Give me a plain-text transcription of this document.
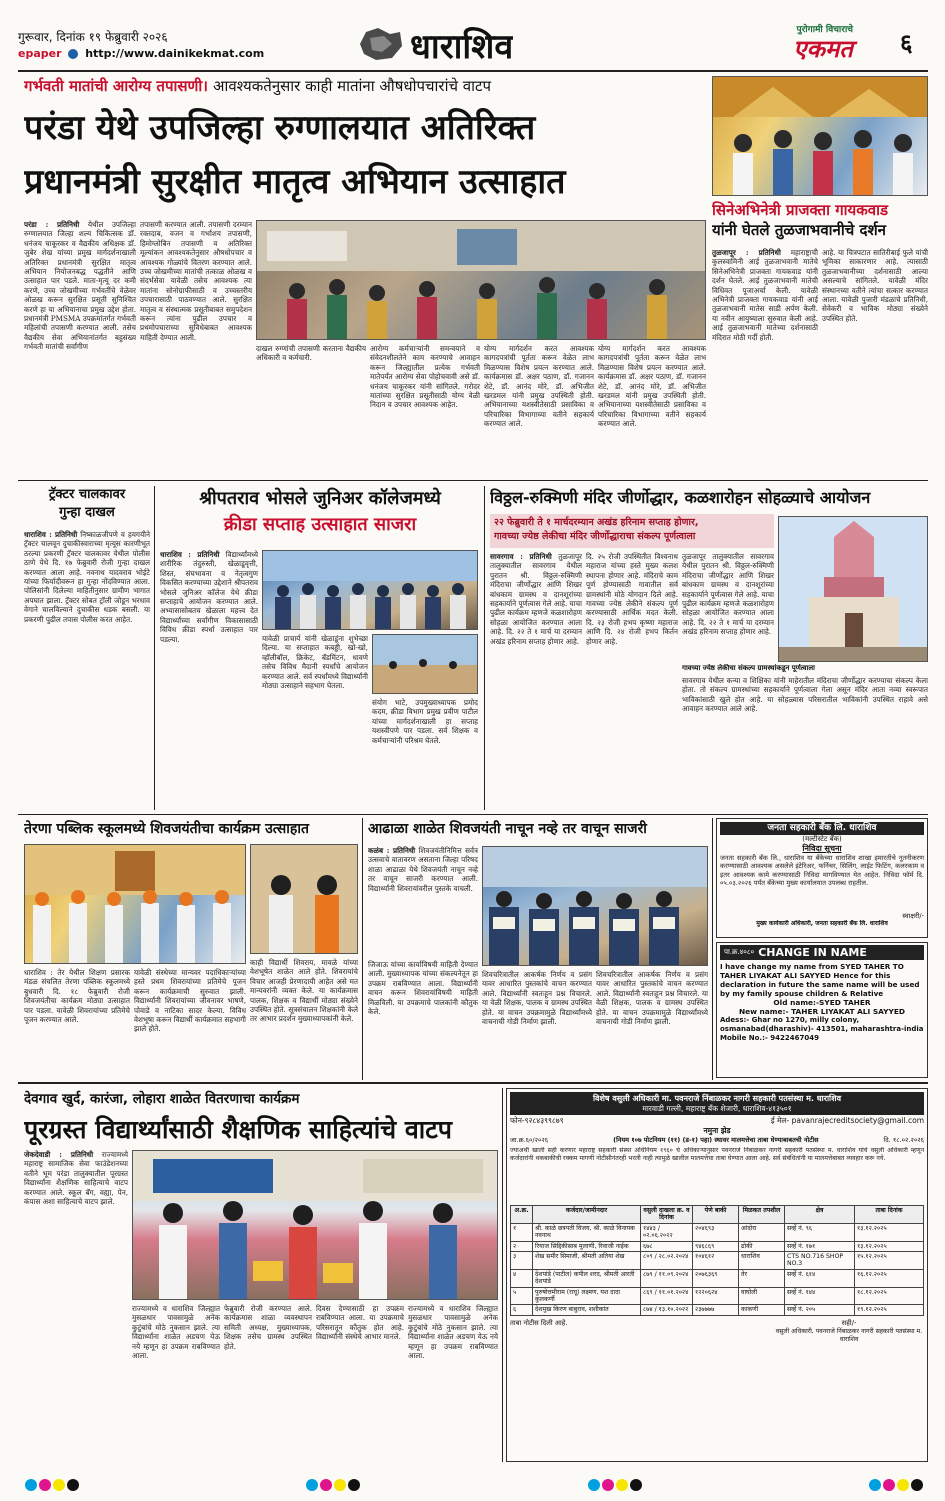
गुरूवार, दिनांक १९ फेब्रुवारी २०२६
epaper http://www.dainikekmat.com	धाराशिव	पुरोगामी विचाराचे
एकमत ६
गर्भवती मातांची आरोग्य तपासणी। आवश्यकतेनुसार काही मातांना औषधोपचारांचे वाटप
परंडा येथे उपजिल्हा रुग्णालयात अतिरिक्त
प्रधानमंत्री सुरक्षीत मातृत्व अभियान उत्साहात
परंडा : प्रतिनिधी येथील उपजिल्हा रुग्णालयात जिल्हा शल्य चिकित्सक डॉ. धनंजय चाकूरकर व वैद्यकीय अधिक्षक डॉ. जुबेर शेख यांच्या प्रमुख मार्गदर्शनाखाली अतिरिक्त प्रधानमंत्री सुरक्षित मातृत्व अभियान नियोजनबद्ध पद्धतीने आणि उत्साहात पार पडले. माता-मृत्यू दर कमी करणे, उच्च जोखमीच्या गर्भवतींचे वेळेवर ओळख करून सुरक्षित प्रसूती सुनिश्चित करणे हा या अभियानाचा प्रमुख उद्देश होता. प्रधानमंत्री PMSMA उपक्रमांतर्गत गर्भवती महिलांची तपासणी करण्यात आली. तसेच वैद्यकीय सेवा अभियानांतर्गत बहुसंख्य गर्भवती मातांची सर्वांगीण
तपासणी करण्यात आली. तपासणी दरम्यान रक्तदाब, वजन व गर्भाशय तपासणी, हिमोग्लोबिन तपासणी व अतिरिक्त मूल्यांकन आवश्यकतेनुसार औषधोपचार व आवश्यक गोळ्यांचे वितरण करण्यात आले. उच्च जोखमीच्या मातांची तत्काळ ओळख व संदर्भसेवा यावेळी तसेच आवश्यक त्या मातांना सोनोग्राफीसाठी व उच्चस्तरीय उपचारासाठी पाठवण्यात आले. सुरक्षित मातृत्व व संस्थात्मक प्रसूतीबाबत समुपदेशन करून त्यांना पुढील उपचार व प्रथमोपचाराच्या सुविधेबाबत आवश्यक माहिती देण्यात आली.
दाखल रुग्णांची तपासणी करताना वैद्यकीय अधिकारी व कर्मचारी.
आरोग्य कर्मचाऱ्यांनी समन्वयाने व संवेदनशीलतेने काम करण्याचे आवाहन करून जिल्ह्यातील प्रत्येक गर्भवती मातेपर्यंत आरोग्य सेवा पोहोचवावी असे डॉ. धनंजय चाकूरकर यांनी सांगितले. गरोदर मातांच्या सुरक्षित प्रसूतीसाठी योग्य वेळी निदान व उपचार आवश्यक आहेत.
योग्य मार्गदर्शन करत आवश्यक कागदपत्रांची पूर्तता करून वेळेत लाभ मिळण्यास विशेष प्रयत्न करण्यात आले. कार्यक्रमास डॉ. अक्षर पठाण, डॉ. गजानन शेटे, डॉ. आनंद मोरे, डॉ. अभिजीत खरडमल यांनी प्रमुख उपस्थिती होती. अभियानाच्या यशस्वीतेसाठी प्रसाविका व परिचारिका विभागाच्या वतीने सहकार्य करण्यात आले.
योग्य मार्गदर्शन करत आवश्यक कागदपत्रांची पूर्तता करून वेळेत लाभ मिळण्यास विशेष प्रयत्न करण्यात आले. कार्यक्रमास डॉ. अक्षर पठाण, डॉ. गजानन शेटे, डॉ. आनंद मोरे, डॉ. अभिजीत खरडमल यांनी प्रमुख उपस्थिती होती. अभियानाच्या यशस्वीतेसाठी प्रसाविका व परिचारिका विभागाच्या वतीने सहकार्य करण्यात आले.
सिनेअभिनेत्री प्राजक्ता गायकवाड
यांनी घेतले तुळजाभवानीचे दर्शन
तुळजापूर : प्रतिनिधी महाराष्ट्राची कुलस्वामिनी आई तुळजाभवानी मातेचे सिनेअभिनेत्री प्राजक्ता गायकवाड यांनी दर्शन घेतले. आई तुळजाभवानी मातेची विधिवत पूजाअर्चा केली. यावेळी अभिनेत्री प्राजक्ता गायकवाड यांनी आई तुळजाभवानी मातेस साडी अर्पण केली. या नवीन आयुष्याला सुरुवात केली आहे. आई तुळजाभवानी मातेच्या दर्शनासाठी मंदिरात मोठी गर्दी होती.
आहे. या चित्रपटात सातिरीबाई फुले यांची भूमिका साकारणार आहे. त्यासाठी तुळजाभवानीच्या दर्शनासाठी आल्या असल्याचे सांगितले. यावेळी मंदिर संस्थानच्या वतीने त्यांचा सत्कार करण्यात आला. यावेळी पुजारी मंडळाचे प्रतिनिधी, सेवेकरी व भाविक मोठ्या संख्येने उपस्थित होते.
ट्रॅक्टर चालकावर
गुन्हा दाखल
धाराशिव : प्रतिनिधी निष्काळजीपणे व हयगयीने ट्रॅक्टर चालवून दुचाकीस्वाराच्या मृत्यूस कारणीभूत ठरल्या प्रकरणी ट्रॅक्टर चालकावर येथील पोलीस ठाणे येथे दि. १७ फेब्रुवारी रोजी गुन्हा दाखल करण्यात आला आहे. नवनाथ यादवराव भोईटे यांच्या फिर्यादीवरून हा गुन्हा नोंदविण्यात आला. पोलिसांनी दिलेल्या माहितीनुसार ग्रामीण भागात अपघात झाला. ट्रॅक्टर सोबत ट्रॉली जोडून भरधाव वेगाने चालविल्याने दुचाकीस धडक बसली. या प्रकरणी पुढील तपास पोलीस करत आहेत.
श्रीपतराव भोसले जुनिअर कॉलेजमध्ये
क्रीडा सप्ताह उत्साहात साजरा
धाराशिव : प्रतिनिधी विद्यार्थ्यांमध्ये शारीरिक तंदुरुस्ती, खेळाडूवृत्ती, शिस्त, संघभावना व नेतृत्वगुण विकसित करण्याच्या उद्देशाने श्रीपतराव भोसले जुनिअर कॉलेज येथे क्रीडा सप्ताहाचे आयोजन करण्यात आले. अभ्यासासोबतच खेळाला महत्त्व देत विद्यार्थ्यांच्या सर्वांगीण विकासासाठी विविध क्रीडा स्पर्धा उत्साहात पार पडल्या.	यावेळी प्राचार्य यांनी खेळाडूंना शुभेच्छा दिल्या. या सप्ताहात कबड्डी, खो-खो, व्हॉलीबॉल, क्रिकेट, बॅडमिंटन, धावणे तसेच विविध मैदानी स्पर्धांचे आयोजन करण्यात आले. सर्व स्पर्धांमध्ये विद्यार्थ्यांनी मोठ्या उत्साहाने सहभाग घेतला.
संयोग भाटे, उपमुख्याध्यापक प्रमोद कदम, क्रीडा विभाग प्रमुख प्रवीण पाटील यांच्या मार्गदर्शनाखाली हा सप्ताह यशस्वीपणे पार पडला. सर्व शिक्षक व कर्मचाऱ्यांनी परिश्रम घेतले.
विठ्ठल-रुक्मिणी मंदिर जीर्णोद्धार, कळशारोहन सोहळ्याचे आयोजन
२२ फेब्रुवारी ते १ मार्चदरम्यान अखंड हरिनाम सप्ताह होणार,
गावच्या ज्येष्ठ लेकीचा मंदिर जीर्णोद्धाराचा संकल्प पूर्णत्वाला
सावरगाव : प्रतिनिधी तुळजापूर तालुक्यातील सावरगाव येथील पुरातन श्री. विठ्ठल-रुक्मिणी मंदिराचा जीर्णोद्धार आणि शिखर बांधकाम ग्रामस्थ व दानशूरांच्या सहकार्याने पूर्णत्वास गेले आहे. याचा पुढील कार्यक्रम म्हणजे कळशारोहण सोहळा आयोजित करण्यात आला आहे. दि. २२ ते १ मार्च या दरम्यान अखंड हरिनाम सप्ताह होणार आहे.
दि. २५ रोजी उपस्थितीत विश्वनाथ महाराज यांच्या हस्ते मुख्य कलश स्थापना होणार आहे. मंदिराचे काम पूर्ण होण्यासाठी गावातील सर्व ग्रामस्थांनी मोठे योगदान दिले आहे. गावच्या ज्येष्ठ लेकीने संकल्प पूर्ण करण्यासाठी आर्थिक मदत केली. दि. २३ रोजी हभप कृष्णा महाराज आणि दि. २४ रोजी हभप किर्तन होणार आहे.
तुळजापूर तालुक्यातील सावरगाव येथील पुरातन श्री. विठ्ठल-रुक्मिणी मंदिराचा जीर्णोद्धार आणि शिखर बांधकाम ग्रामस्थ व दानशूरांच्या सहकार्याने पूर्णत्वास गेले आहे. याचा पुढील कार्यक्रम म्हणजे कळशारोहण सोहळा आयोजित करण्यात आला आहे. दि. २२ ते १ मार्च या दरम्यान अखंड हरिनाम सप्ताह होणार आहे.
गावच्या ज्येष्ठ लेकीचा संकल्प ग्रामस्थांकडून पूर्णत्वाला
सावरगाव येथील कन्या व शिक्षिका यांनी माहेरातील मंदिराचा जीर्णोद्धार करण्याचा संकल्प केला होता. तो संकल्प ग्रामस्थांच्या सहकार्याने पूर्णत्वाला गेला असून मंदिर आता नव्या स्वरूपात भाविकांसाठी खुले होत आहे. या सोहळ्यास परिसरातील भाविकांनी उपस्थित राहावे असे आवाहन करण्यात आले आहे.
तेरणा पब्लिक स्कूलमध्ये शिवजयंतीचा कार्यक्रम उत्साहात
धाराशिव : तेर येथील शिक्षण प्रसारक मंडळ संचलित तेरणा पब्लिक स्कूलमध्ये बुधवारी दि. १८ फेब्रुवारी रोजी शिवजयंतीचा कार्यक्रम मोठ्या उत्साहात पार पडला. यावेळी शिवरायांच्या प्रतिमेचे पूजन करण्यात आले.
यावेळी संस्थेच्या मान्यवर पदाधिकाऱ्यांच्या हस्ते प्रथम शिवरायांच्या प्रतिमेचे पूजन करून कार्यक्रमाची सुरुवात झाली. विद्यार्थ्यांनी शिवरायांच्या जीवनावर भाषणे, पोवाडे व नाटिका सादर केल्या. विविध वेशभूषा करून विद्यार्थी कार्यक्रमात सहभागी झाले होते.
काही विद्यार्थी शिवराय, मावळे यांच्या वेशभूषेत शाळेत आले होते. शिवरायांचे विचार आजही प्रेरणादायी आहेत असे मत मान्यवरांनी व्यक्त केले. या कार्यक्रमास पालक, शिक्षक व विद्यार्थी मोठ्या संख्येने उपस्थित होते. सूत्रसंचालन शिक्षकांनी केले तर आभार प्रदर्शन मुख्याध्यापकांनी केले.
आढाळा शाळेत शिवजयंती नाचून नव्हे तर वाचून साजरी
कळंब : प्रतिनिधी शिवजयंतीनिमित्त सर्वत्र उत्सवाचे वातावरण असताना जिल्हा परिषद शाळा आढाळा येथे शिवजयंती नाचून नव्हे तर वाचून साजरी करण्यात आली. विद्यार्थ्यांनी शिवरायांवरील पुस्तके वाचली.
जिजाऊ यांच्या कार्याविषयी माहिती देण्यात आली. मुख्याध्यापक यांच्या संकल्पनेतून हा उपक्रम राबविण्यात आला. विद्यार्थ्यांनी वाचन करून शिवरायांविषयी माहिती मिळविली. या उपक्रमाचे पालकांनी कौतुक केले.
शिवचरित्रातील आकर्षक निर्णय व प्रसंग यावर आधारित पुस्तकांचे वाचन करण्यात आले. विद्यार्थ्यांनी स्वतःहून प्रश्न विचारले. या वेळी शिक्षक, पालक व ग्रामस्थ उपस्थित होते. या वाचन उपक्रमामुळे विद्यार्थ्यांमध्ये वाचनाची गोडी निर्माण झाली.
शिवचरित्रातील आकर्षक निर्णय व प्रसंग यावर आधारित पुस्तकांचे वाचन करण्यात आले. विद्यार्थ्यांनी स्वतःहून प्रश्न विचारले. या वेळी शिक्षक, पालक व ग्रामस्थ उपस्थित होते. या वाचन उपक्रमामुळे विद्यार्थ्यांमध्ये वाचनाची गोडी निर्माण झाली.
जनता सहकारी बँक लि. धाराशिव
(मल्टीस्टेट बँक)
निविदा सूचना
जनता सहकारी बँक लि., धाराशिव या बँकेच्या धाराशिव शाखा इमारतीचे नूतनीकरण करण्यासाठी आवश्यक असलेले इंटेरिअर, फर्निचर, सिलिंग, लाईट फिटिंग, कलरकाम व इतर आवश्यक कामे करण्यासाठी निविदा मागविण्यात येत आहेत. निविदा फॉर्म दि. ०५.०३.२०२६ पर्यंत बँकेच्या मुख्य कार्यालयात उपलब्ध राहतील.
स्वाक्षरी/-
मुख्य कार्यकारी अधिकारी, जनता सहकारी बँक लि. धाराशिव
पा.क्र.४०८० CHANGE IN NAME
I have change my name from SYED TAHER TO
TAHER LIYAKAT ALI SAYYED Hence for this declaration in future the same name will be used by my family spouse children & Relative
Old name:-SYED TAHER
New name:- TAHER LIYAKAT ALI SAYYED
Adess:- Ghar no 1270, milly colony, osmanabad(dharashiv)- 413501, maharashtra-india
Mobile No.:- 9422467049
देवगाव खुर्द, कारंजा, लोहारा शाळेत वितरणाचा कार्यक्रम
पूरग्रस्त विद्यार्थ्यांसाठी शैक्षणिक साहित्यांचे वाटप
जेकदेवाडी : प्रतिनिधी राज्यामध्ये महाराष्ट्र सामाजिक सेवा फाउंडेशनच्या वतीने भूम परंडा तालुक्यातील पूरग्रस्त विद्यार्थ्यांना शैक्षणिक साहित्याचे वाटप करण्यात आले. स्कूल बॅग, वह्या, पेन, कंपास अशा साहित्याचे वाटप झाले.
राज्यामध्ये व धाराशिव जिल्ह्यात मुसळधार पावसामुळे अनेक कुटुंबांचे मोठे नुकसान झाले. त्या विद्यार्थ्यांना शाळेत अडचण येऊ नये म्हणून हा उपक्रम राबविण्यात आला.
फेब्रुवारी रोजी करण्यात आले. कार्यक्रमास शाळा व्यवस्थापन समिती अध्यक्ष, मुख्याध्यापक, शिक्षक तसेच ग्रामस्थ उपस्थित होते.
दिवस देण्यासाठी हा उपक्रम राबविण्यात आला. या उपक्रमाचे परिसरातून कौतुक होत आहे. विद्यार्थ्यांनी संस्थेचे आभार मानले.
राज्यामध्ये व धाराशिव जिल्ह्यात मुसळधार पावसामुळे अनेक कुटुंबांचे मोठे नुकसान झाले. त्या विद्यार्थ्यांना शाळेत अडचण येऊ नये म्हणून हा उपक्रम राबविण्यात आला.
विशेष वसुली अधिकारी मा. पवनराजे निंबाळकर नागरी सहकारी पतसंस्था म. धाराशिव
मारवाडी गल्ली, महाराष्ट्र बँक शेजारी, धाराशिव-४१३५०१
फोन-९२८४३९९८७९	ई मेल- pavanrajecreditsociety@gmail.com
नमुना झेड
जा.क्र.६०/२०२६	(नियम १०७ पोटनियम (११) (ड-१) पहा) स्थावर मालमत्तेचा ताबा घेण्याबाबतची नोटीस	दि. १८.०२.२०२६
ज्याअर्थी खाली सही करणार महाराष्ट्र सहकारी संस्था अधिनियम १९६० चे अधिकाऱ्यानुसार पवनराजे निंबाळकर नागरी सहकारी पतसंस्था म. धाराशिव यांचे वसुली अधिकारी म्हणून कर्जदारांनी थकबाकीची रक्कम मागणी नोटीसीनंतरही भरली नाही त्यामुळे खालील मालमत्तेचा ताबा घेण्यात आला आहे. सर्व संबंधितांनी या मालमत्तेबाबत व्यवहार करू नये.
अ.क्र.	कर्जदार/जामीनदार	वसुली दाखला क्र. व दिनांक	येणे बाकी	मिळकत तपशील	क्षेत्र	ताबा दिनांक
१	श्री. काळे छत्रपती विजय, श्री. काळे विनायक नवनाथ	१४४३ / ०२.०६.२०२२	२०४६९३	आंदोरा	सर्व्हे नं. ९६	१३.१२.२०२५
२	रियाज सिद्दिकीसाब मुलाणी, रिवाजी नाईक	६७८	९४६८६९	ढोकी	सर्व्हे नं. १७१	१३.१२.२०२५
३	शेख समीर सिमाजी, श्रीमती अतिया शेख	८०९ / २८.०२.२०२४	१०४६१२	धाराशिव	CTS NO.716 SHOP NO.3	१५.१२.२०२५
४	देशपांडे (पाटील) कपील शरद, श्रीमती आरती देशपांडे	८७९ / ११.०९.२०२४	२०७६३६९	तेर	सर्व्हे नं. ६१४	१६.१२.२०२५
५	पुरुषोत्तमीराम (राघू) लक्ष्मण, यश दादा कुलकर्णी	८६९ / ११.०१.२०२४	१२२०६२४	वाघोली	सर्व्हे नं. १४४	१८.१२.२०२५
६	देशमुख किरण बाबुराव, शशीकांत	८७४ / १३.१०.२०२२	२३७७७७	काकणी	सर्व्हे नं. २०५	१९.१२.२०२५
ताबा नोटीस दिली आहे.	सही/-
वसुली अधिकारी, पवनराजे निंबाळकर नागरी सहकारी पतसंस्था म. धाराशिव
